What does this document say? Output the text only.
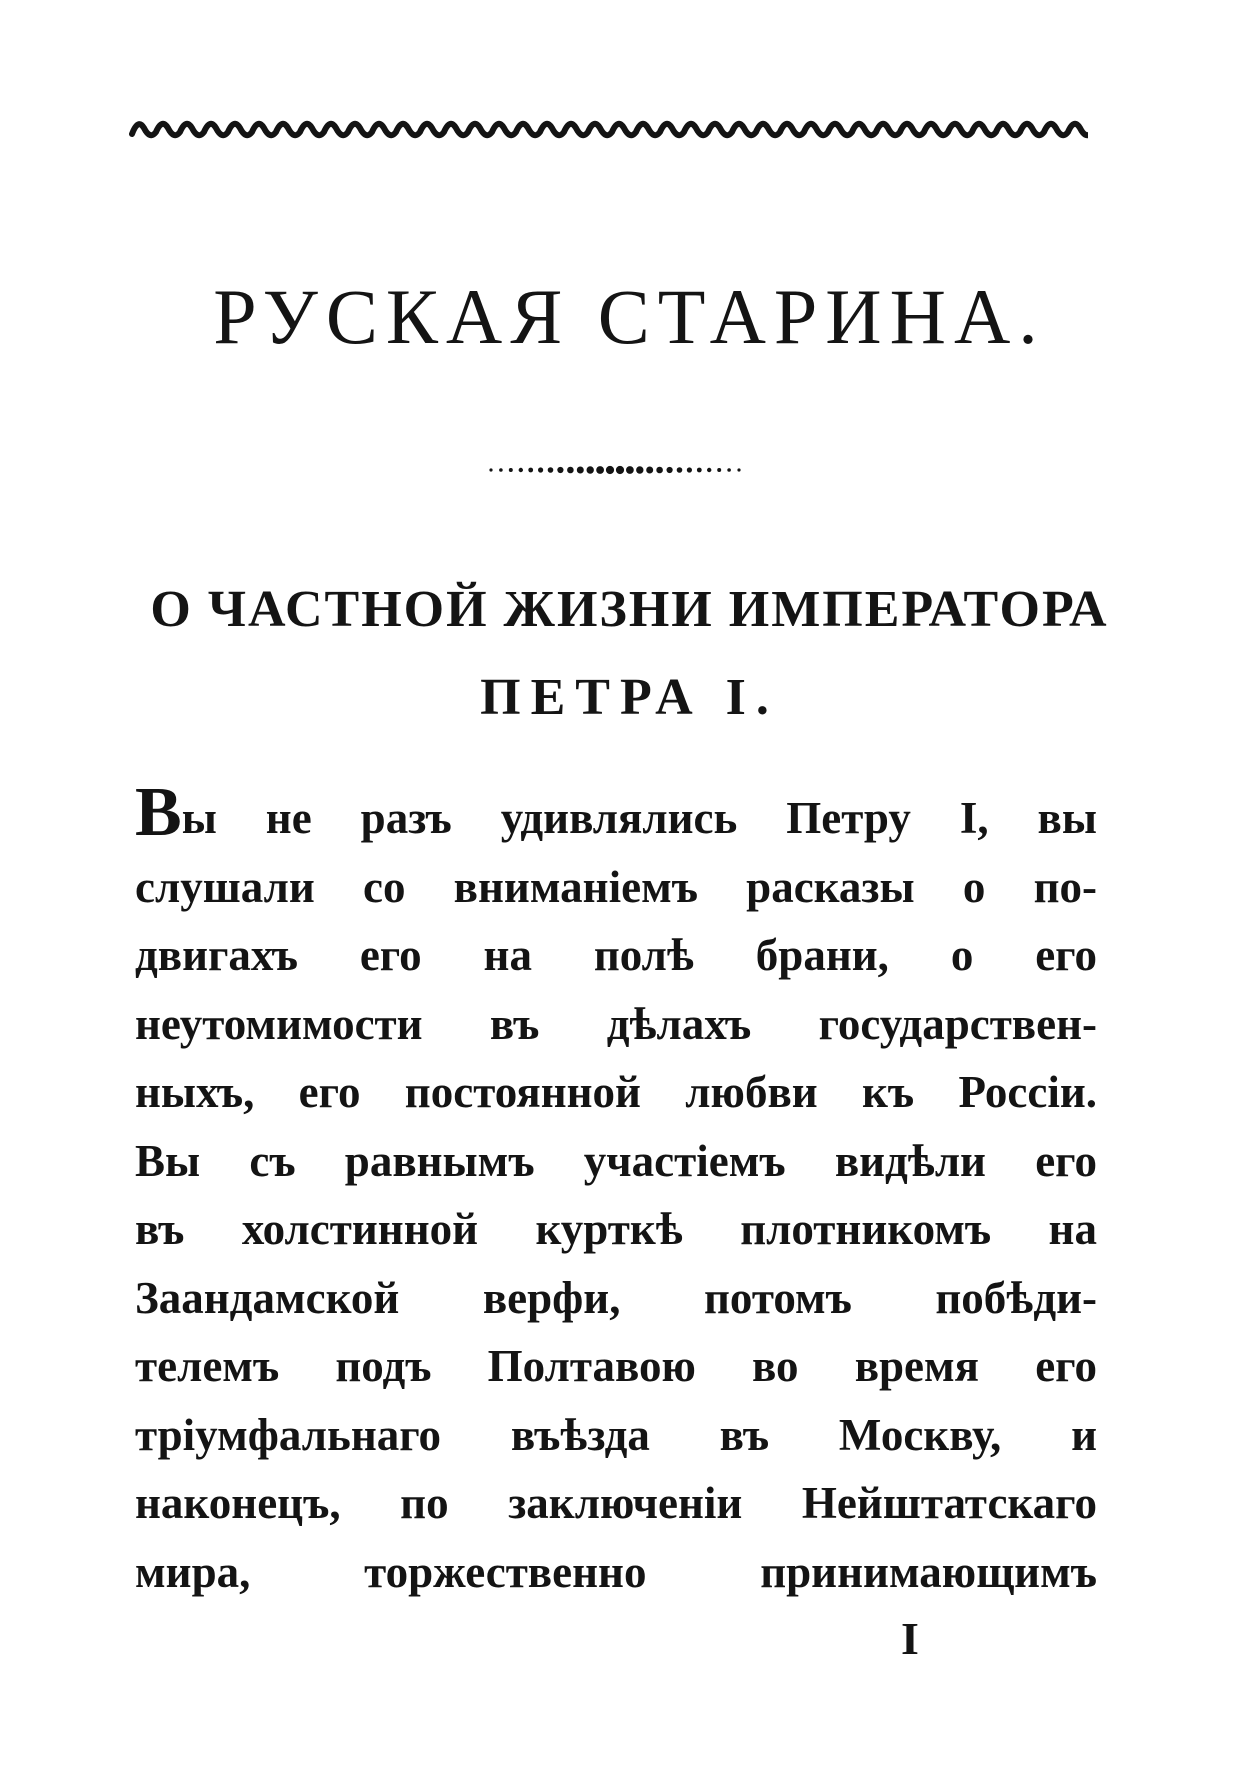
РУСКАЯ СТАРИНА.
О ЧАСТНОЙ ЖИЗНИ ИМПЕРАТОРА
ПЕТРА I.
Вы не разъ удивлялись Петру I, вы
слушали со вниманіемъ расказы о по-
двигахъ его на полѣ брани, о его
неутомимости въ дѣлахъ государствен-
ныхъ, его постоянной любви къ Россіи.
Вы съ равнымъ участіемъ видѣли его
въ холстинной курткѣ плотникомъ на
Заандамской верфи, потомъ побѣди-
телемъ подъ Полтавою во время его
тріумфальнаго въѣзда въ Москву, и
наконецъ, по заключеніи Нейштатскаго
мира, торжественно принимающимъ
I
